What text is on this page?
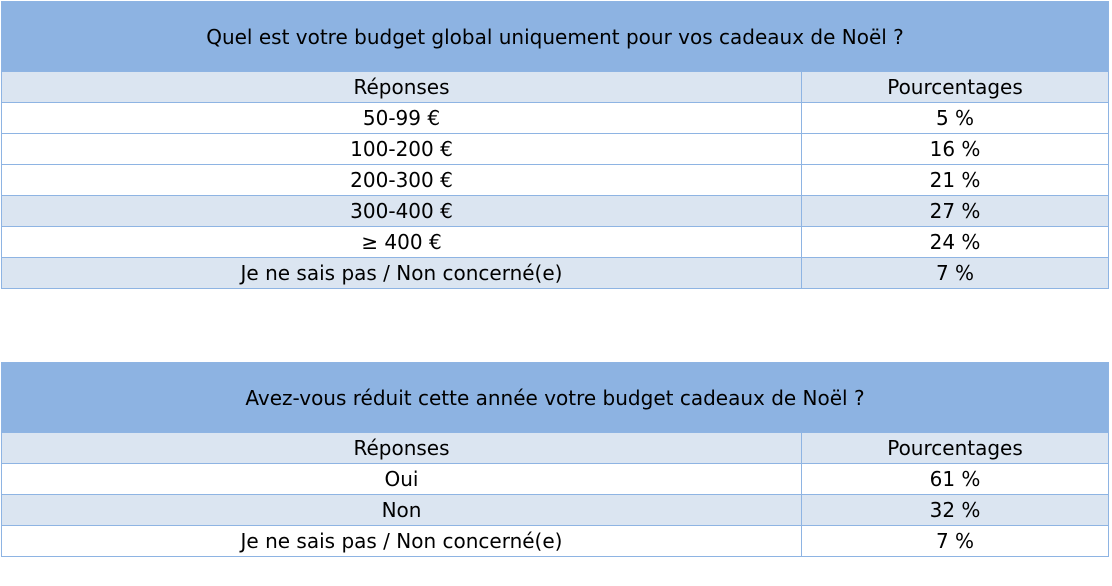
Quel est votre budget global uniquement pour vos cadeaux de Noël ?	
Réponses	Pourcentages
50-99 €	5 %
100-200 €	16 %
200-300 €	21 %
300-400 €	27 %
≥ 400 €	24 %
Je ne sais pas / Non concerné(e)	7 %
Avez-vous réduit cette année votre budget cadeaux de Noël ?	
Réponses	Pourcentages
Oui	61 %
Non	32 %
Je ne sais pas / Non concerné(e)	7 %
